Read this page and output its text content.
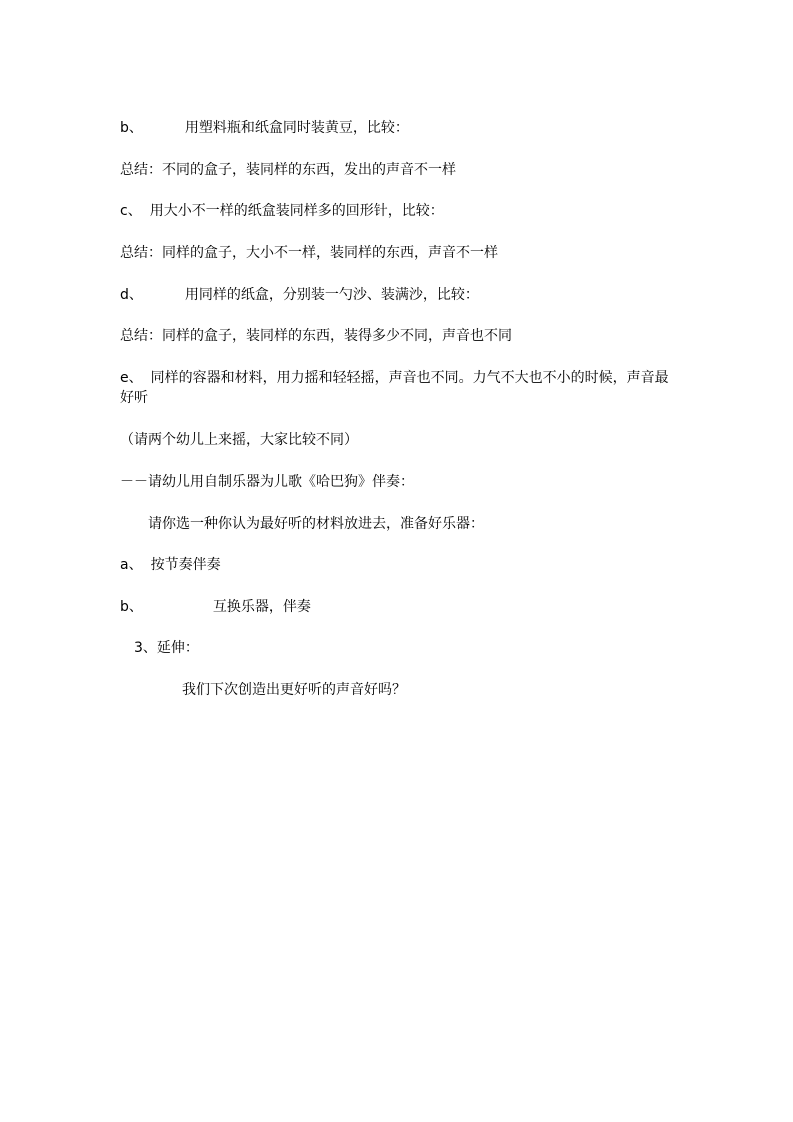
b、	用塑料瓶和纸盒同时装黄豆，比较：
总结：不同的盒子，装同样的东西，发出的声音不一样
c、 用大小不一样的纸盒装同样多的回形针，比较：
总结：同样的盒子，大小不一样，装同样的东西，声音不一样
d、	用同样的纸盒，分别装一勺沙、装满沙，比较：
总结：同样的盒子，装同样的东西，装得多少不同，声音也不同
e、 同样的容器和材料，用力摇和轻轻摇，声音也不同。力气不大也不小的时候，声音最好听
（请两个幼儿上来摇，大家比较不同）
－－请幼儿用自制乐器为儿歌《哈巴狗》伴奏：
请你选一种你认为最好听的材料放进去，准备好乐器：
a、 按节奏伴奏
b、	互换乐器，伴奏
3、延伸：
我们下次创造出更好听的声音好吗？
